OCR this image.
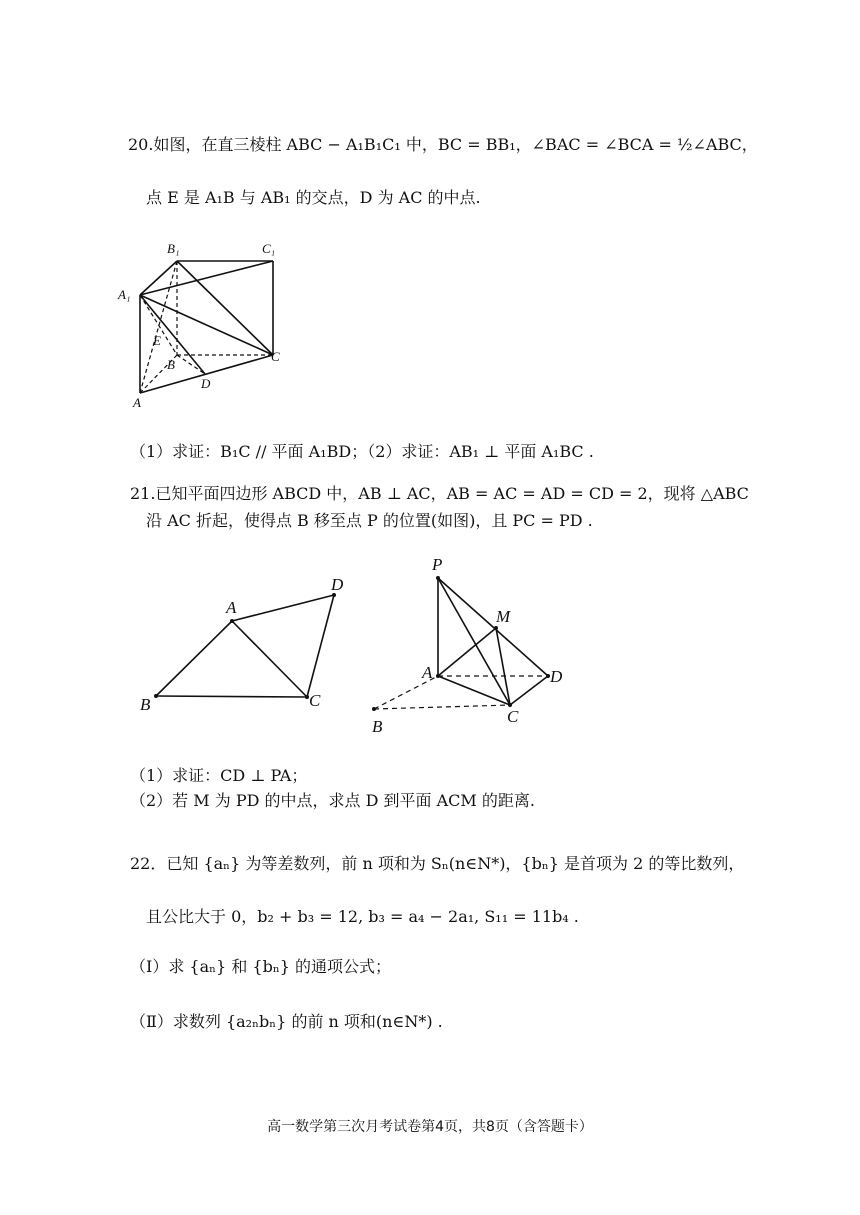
20.如图，在直三棱柱 ABC − A₁B₁C₁ 中，BC = BB₁，∠BAC = ∠BCA = ½∠ABC，
点 E 是 A₁B 与 AB₁ 的交点，D 为 AC 的中点.
B₁	C₁
A₁
E
B
C
D
A
（1）求证：B₁C // 平面 A₁BD；（2）求证：AB₁ ⊥ 平面 A₁BC .
21.已知平面四边形 ABCD 中，AB ⊥ AC，AB = AC = AD = CD = 2，现将 △ABC
沿 AC 折起，使得点 B 移至点 P 的位置(如图)，且 PC = PD .
A
D
B	C
P
M
A	D
B
C
（1）求证：CD ⊥ PA；
（2）若 M 为 PD 的中点，求点 D 到平面 ACM 的距离.
22．已知 {aₙ} 为等差数列，前 n 项和为 Sₙ(n∈N*)，{bₙ} 是首项为 2 的等比数列，
且公比大于 0，b₂ + b₃ = 12, b₃ = a₄ − 2a₁, S₁₁ = 11b₄ .
（Ⅰ）求 {aₙ} 和 {bₙ} 的通项公式；
（Ⅱ）求数列 {a₂ₙbₙ} 的前 n 项和(n∈N*) .
高一数学第三次月考试卷第4页，共8页（含答题卡）
